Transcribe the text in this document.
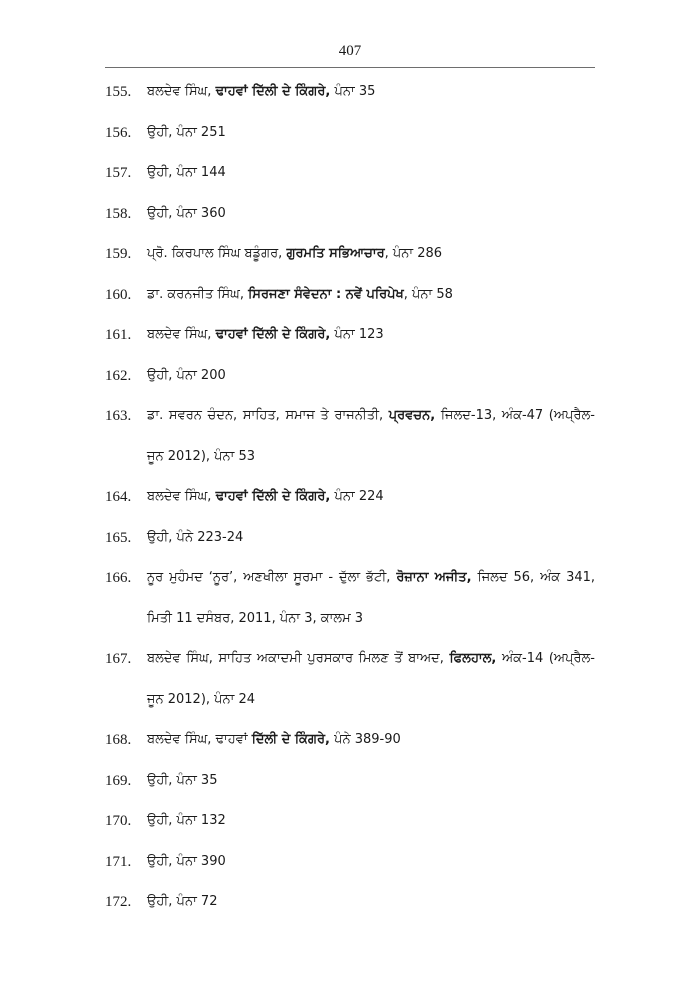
407
155.	ਬਲਦੇਵ ਸਿੰਘ, ਢਾਹਵਾਂ ਦਿੱਲੀ ਦੇ ਕਿੰਗਰੇ, ਪੰਨਾ 35
156.	ਉਹੀ, ਪੰਨਾ 251
157.	ਉਹੀ, ਪੰਨਾ 144
158.	ਉਹੀ, ਪੰਨਾ 360
159.	ਪ੍ਰੋ. ਕਿਰਪਾਲ ਸਿੰਘ ਬਡੂੰਗਰ, ਗੁਰਮਤਿ ਸਭਿਆਚਾਰ, ਪੰਨਾ 286
160.	ਡਾ. ਕਰਨਜੀਤ ਸਿੰਘ, ਸਿਰਜਣਾ ਸੰਵੇਦਨਾ : ਨਵੇਂ ਪਰਿਪੇਖ, ਪੰਨਾ 58
161.	ਬਲਦੇਵ ਸਿੰਘ, ਢਾਹਵਾਂ ਦਿੱਲੀ ਦੇ ਕਿੰਗਰੇ, ਪੰਨਾ 123
162.	ਉਹੀ, ਪੰਨਾ 200
163.	ਡਾ. ਸਵਰਨ ਚੰਦਨ, ਸਾਹਿਤ, ਸਮਾਜ ਤੇ ਰਾਜਨੀਤੀ, ਪ੍ਰਵਚਨ, ਜਿਲਦ-13, ਅੰਕ-47 (ਅਪ੍ਰੈਲ-ਜੂਨ 2012), ਪੰਨਾ 53
164.	ਬਲਦੇਵ ਸਿੰਘ, ਢਾਹਵਾਂ ਦਿੱਲੀ ਦੇ ਕਿੰਗਰੇ, ਪੰਨਾ 224
165.	ਉਹੀ, ਪੰਨੇ 223-24
166.	ਨੂਰ ਮੁਹੰਮਦ ‘ਨੂਰ’, ਅਣਖੀਲਾ ਸੂਰਮਾ - ਦੁੱਲਾ ਭੱਟੀ, ਰੋਜ਼ਾਨਾ ਅਜੀਤ, ਜਿਲਦ 56, ਅੰਕ 341, ਮਿਤੀ 11 ਦਸੰਬਰ, 2011, ਪੰਨਾ 3, ਕਾਲਮ 3
167.	ਬਲਦੇਵ ਸਿੰਘ, ਸਾਹਿਤ ਅਕਾਦਮੀ ਪੁਰਸਕਾਰ ਮਿਲਣ ਤੋਂ ਬਾਅਦ, ਫਿਲਹਾਲ, ਅੰਕ-14 (ਅਪ੍ਰੈਲ-ਜੂਨ 2012), ਪੰਨਾ 24
168.	ਬਲਦੇਵ ਸਿੰਘ, ਢਾਹਵਾਂ ਦਿੱਲੀ ਦੇ ਕਿੰਗਰੇ, ਪੰਨੇ 389-90
169.	ਉਹੀ, ਪੰਨਾ 35
170.	ਉਹੀ, ਪੰਨਾ 132
171.	ਉਹੀ, ਪੰਨਾ 390
172.	ਉਹੀ, ਪੰਨਾ 72
